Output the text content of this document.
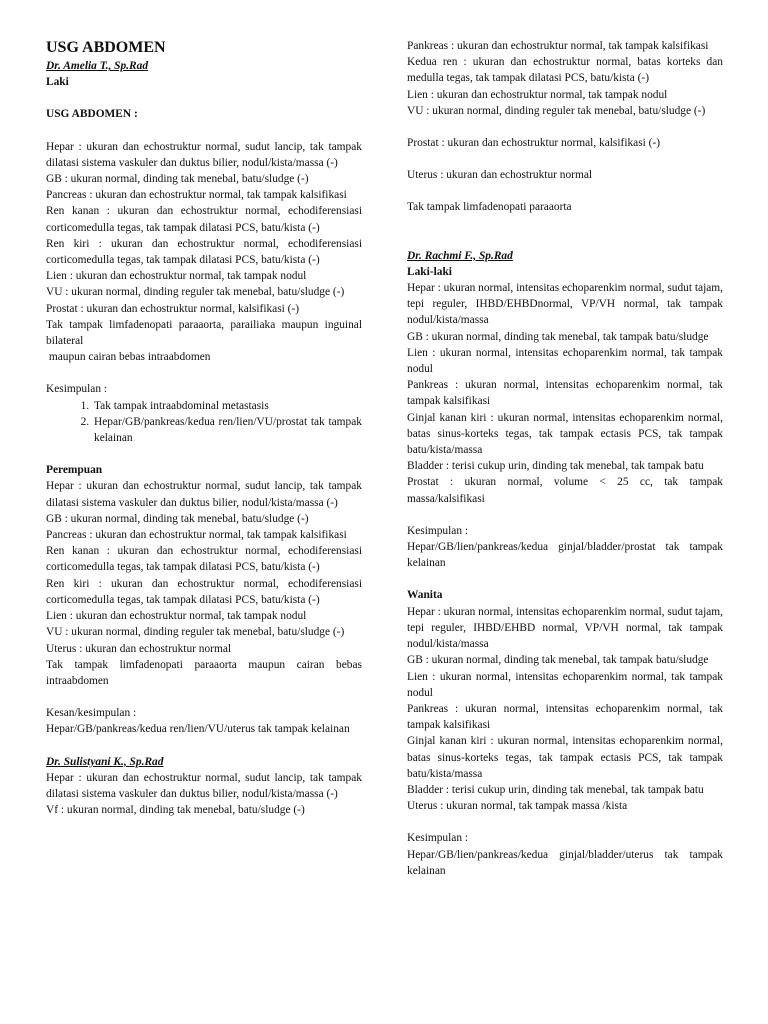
USG ABDOMEN

Dr. Amelia T., Sp.Rad

Laki

USG ABDOMEN :

Hepar : ukuran dan echostruktur normal, sudut lancip, tak tampak dilatasi sistema vaskuler dan duktus bilier, nodul/kista/massa (-)

GB : ukuran normal, dinding tak menebal, batu/sludge (-)

Pancreas : ukuran dan echostruktur normal, tak tampak kalsifikasi

Ren kanan : ukuran dan echostruktur normal, echodiferensiasi corticomedulla tegas, tak tampak dilatasi PCS, batu/kista (-)

Ren kiri : ukuran dan echostruktur normal, echodiferensiasi corticomedulla tegas, tak tampak dilatasi PCS, batu/kista (-)

Lien : ukuran dan echostruktur normal, tak tampak nodul

VU : ukuran normal, dinding reguler tak menebal, batu/sludge (-)

Prostat : ukuran dan echostruktur normal, kalsifikasi (-)

Tak tampak limfadenopati paraaorta, parailiaka maupun inguinal bilateral

maupun cairan bebas intraabdomen

Kesimpulan :

1. Tak tampak intraabdominal metastasis
2. Hepar/GB/pankreas/kedua ren/lien/VU/prostat tak tampak kelainan

Perempuan

Hepar : ukuran dan echostruktur normal, sudut lancip, tak tampak dilatasi sistema vaskuler dan duktus bilier, nodul/kista/massa (-)

GB : ukuran normal, dinding tak menebal, batu/sludge (-)

Pancreas : ukuran dan echostruktur normal, tak tampak kalsifikasi

Ren kanan : ukuran dan echostruktur normal, echodiferensiasi corticomedulla tegas, tak tampak dilatasi PCS, batu/kista (-)

Ren kiri : ukuran dan echostruktur normal, echodiferensiasi corticomedulla tegas, tak tampak dilatasi PCS, batu/kista (-)

Lien : ukuran dan echostruktur normal, tak tampak nodul

VU : ukuran normal, dinding reguler tak menebal, batu/sludge (-)

Uterus : ukuran dan echostruktur normal

Tak tampak limfadenopati paraaorta maupun cairan bebas intraabdomen

Kesan/kesimpulan :

Hepar/GB/pankreas/kedua ren/lien/VU/uterus tak tampak kelainan

Dr. Sulistyani K., Sp.Rad

Hepar : ukuran dan echostruktur normal, sudut lancip, tak tampak dilatasi sistema vaskuler dan duktus bilier, nodul/kista/massa (-)

Vf : ukuran normal, dinding tak menebal, batu/sludge (-)

Pankreas : ukuran dan echostruktur normal, tak tampak kalsifikasi

Kedua ren : ukuran dan echostruktur normal, batas korteks dan medulla tegas, tak tampak dilatasi PCS, batu/kista (-)

Lien : ukuran dan echostruktur normal, tak tampak nodul

VU : ukuran normal, dinding reguler tak menebal, batu/sludge (-)

Prostat : ukuran dan echostruktur normal, kalsifikasi (-)

Uterus : ukuran dan echostruktur normal

Tak tampak limfadenopati paraaorta

Dr. Rachmi F., Sp.Rad

Laki-laki

Hepar : ukuran normal, intensitas echoparenkim normal, sudut tajam, tepi reguler, IHBD/EHBDnormal, VP/VH normal, tak tampak nodul/kista/massa

GB : ukuran normal, dinding tak menebal, tak tampak batu/sludge

Lien : ukuran normal, intensitas echoparenkim normal, tak tampak nodul

Pankreas : ukuran normal, intensitas echoparenkim normal, tak tampak kalsifikasi

Ginjal kanan kiri : ukuran normal, intensitas echoparenkim normal, batas sinus-korteks tegas, tak tampak ectasis PCS, tak tampak batu/kista/massa

Bladder : terisi cukup urin, dinding tak menebal, tak tampak batu

Prostat : ukuran normal, volume < 25 cc, tak tampak massa/kalsifikasi

Kesimpulan :

Hepar/GB/lien/pankreas/kedua ginjal/bladder/prostat tak tampak kelainan

Wanita

Hepar : ukuran normal, intensitas echoparenkim normal, sudut tajam, tepi reguler, IHBD/EHBD normal, VP/VH normal, tak tampak nodul/kista/massa

GB : ukuran normal, dinding tak menebal, tak tampak batu/sludge

Lien : ukuran normal, intensitas echoparenkim normal, tak tampak nodul

Pankreas : ukuran normal, intensitas echoparenkim normal, tak tampak kalsifikasi

Ginjal kanan kiri : ukuran normal, intensitas echoparenkim normal, batas sinus-korteks tegas, tak tampak ectasis PCS, tak tampak batu/kista/massa

Bladder : terisi cukup urin, dinding tak menebal, tak tampak batu

Uterus : ukuran normal, tak tampak massa /kista

Kesimpulan :

Hepar/GB/lien/pankreas/kedua ginjal/bladder/uterus tak tampak kelainan
